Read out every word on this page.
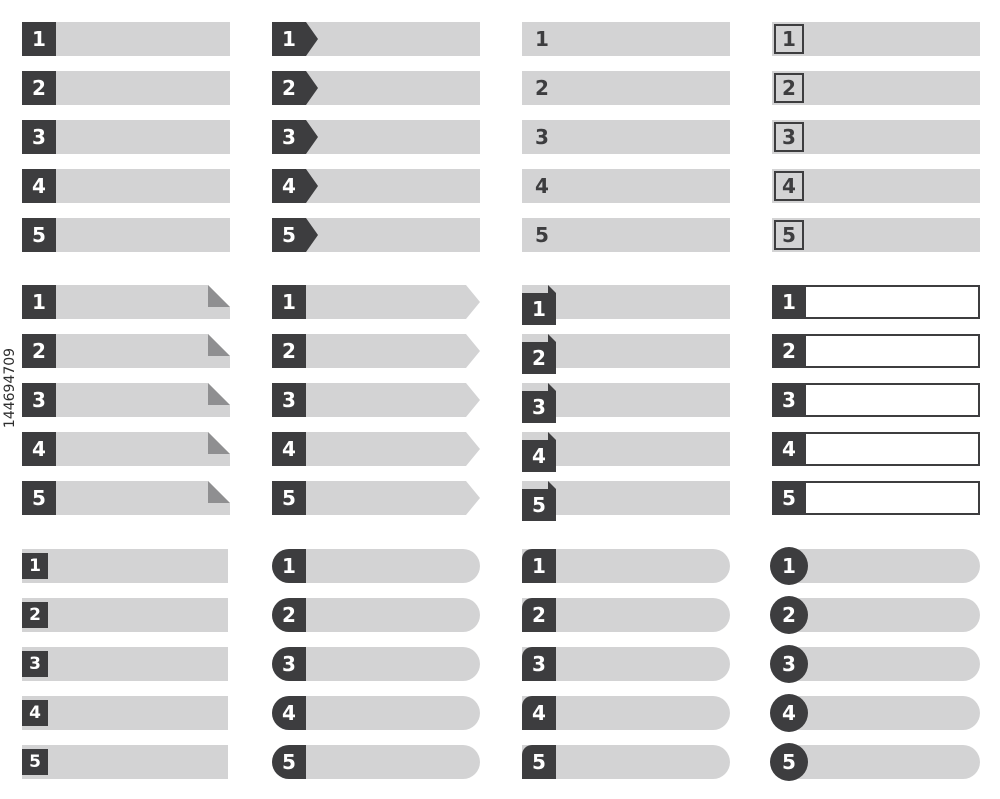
1
2
3
4
5
1
2
3
4
5
1
2
3
4
5
1
2
3
4
5
1
2
3
4
5
1
2
3
4
5
1
2
3
4
5
1
2
3
4
5
1
2
3
4
5
1
2
3
4
5
1
2
3
4
5
1
2
3
4
5
144694709
